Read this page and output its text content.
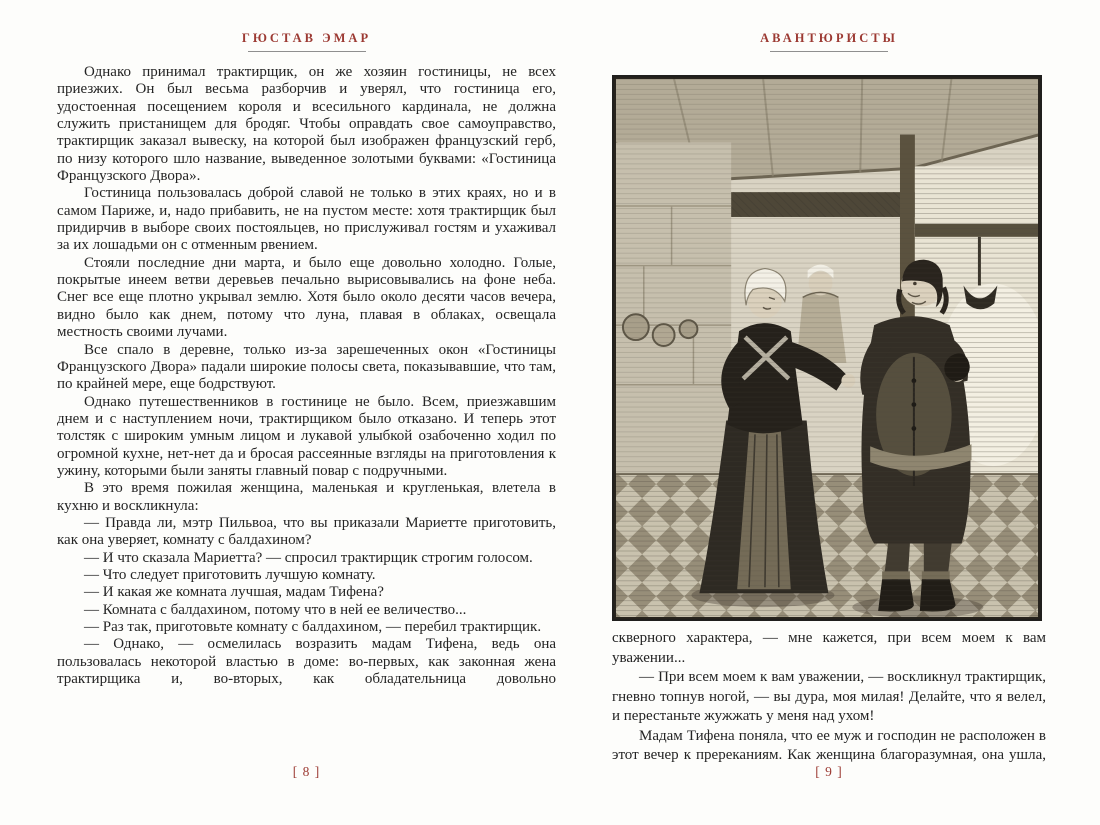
ГЮСТАВ ЭМАР	АВАНТЮРИСТЫ

Однако принимал трактирщик, он же хозяин гостиницы, не всех приезжих. Он был весьма разборчив и уверял, что гостиница его, удостоенная посещением короля и всесильного кардинала, не должна служить пристанищем для бродяг. Чтобы оправдать свое самоуправство, трактирщик заказал вывеску, на которой был изображен французский герб, по низу которого шло название, выведенное золотыми буквами: «Гостиница Французского Двора».

Гостиница пользовалась доброй славой не только в этих краях, но и в самом Париже, и, надо прибавить, не на пустом месте: хотя трактирщик был придирчив в выборе своих постояльцев, но прислуживал гостям и ухаживал за их лошадьми он с отменным рвением.

Стояли последние дни марта, и было еще довольно холодно. Голые, покрытые инеем ветви деревьев печально вырисовывались на фоне неба. Снег все еще плотно укрывал землю. Хотя было около десяти часов вечера, видно было как днем, потому что луна, плавая в облаках, освещала местность своими лучами.

Все спало в деревне, только из-за зарешеченных окон «Гостиницы Французского Двора» падали широкие полосы света, показывавшие, что там, по крайней мере, еще бодрствуют.

Однако путешественников в гостинице не было. Всем, приезжавшим днем и с наступлением ночи, трактирщиком было отказано. И теперь этот толстяк с широким умным лицом и лукавой улыбкой озабоченно ходил по огромной кухне, нет-нет да и бросая рассеянные взгляды на приготовления к ужину, которыми были заняты главный повар с подручными.

В это время пожилая женщина, маленькая и кругленькая, влетела в кухню и воскликнула:

— Правда ли, мэтр Пильвоа, что вы приказали Мариетте приготовить, как она уверяет, комнату с балдахином?

— И что сказала Мариетта? — спросил трактирщик строгим голосом.

— Что следует приготовить лучшую комнату.

— И какая же комната лучшая, мадам Тифена?

— Комната с балдахином, потому что в ней ее величество...

— Раз так, приготовьте комнату с балдахином, — перебил трактирщик.

— Однако, — осмелилась возразить мадам Тифена, ведь она пользовалась некоторой властью в доме: во-первых, как законная жена трактирщика и, во-вторых, как обладательница довольно

скверного характера, — мне кажется, при всем моем к вам уважении...

— При всем моем к вам уважении, — воскликнул трактирщик, гневно топнув ногой, — вы дура, моя милая! Делайте, что я велел, и перестаньте жужжать у меня над ухом!

Мадам Тифена поняла, что ее муж и господин не расположен в этот вечер к пререканиям. Как женщина благоразумная, она ушла,

[ 8 ]	[ 9 ]
